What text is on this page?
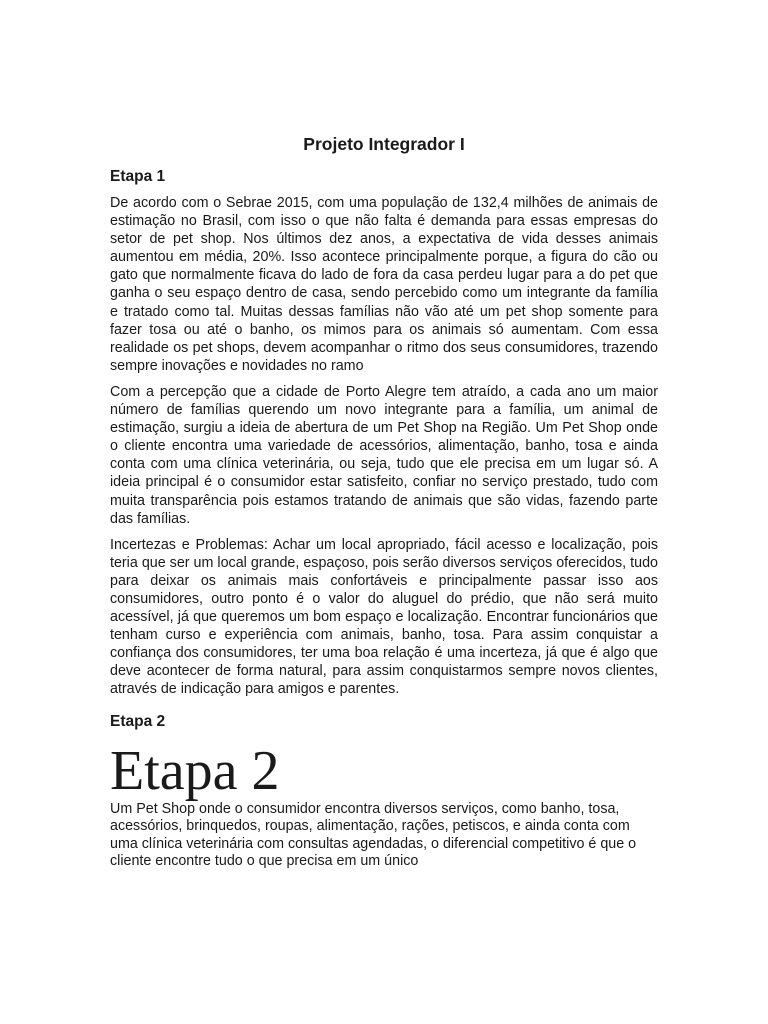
Projeto Integrador I
Etapa 1

De acordo com o Sebrae 2015, com uma população de 132,4 milhões de animais de estimação no Brasil, com isso o que não falta é demanda para essas empresas do setor de pet shop. Nos últimos dez anos, a expectativa de vida desses animais aumentou em média, 20%. Isso acontece principalmente porque, a figura do cão ou gato que normalmente ficava do lado de fora da casa perdeu lugar para a do pet que ganha o seu espaço dentro de casa, sendo percebido como um integrante da família e tratado como tal. Muitas dessas famílias não vão até um pet shop somente para fazer tosa ou até o banho, os mimos para os animais só aumentam. Com essa realidade os pet shops, devem acompanhar o ritmo dos seus consumidores, trazendo sempre inovações e novidades no ramo

Com a percepção que a cidade de Porto Alegre tem atraído, a cada ano um maior número de famílias querendo um novo integrante para a família, um animal de estimação, surgiu a ideia de abertura de um Pet Shop na Região. Um Pet Shop onde o cliente encontra uma variedade de acessórios, alimentação, banho, tosa e ainda conta com uma clínica veterinária, ou seja, tudo que ele precisa em um lugar só. A ideia principal é o consumidor estar satisfeito, confiar no serviço prestado, tudo com muita transparência pois estamos tratando de animais que são vidas, fazendo parte das famílias.

Incertezas e Problemas: Achar um local apropriado, fácil acesso e localização, pois teria que ser um local grande, espaçoso, pois serão diversos serviços oferecidos, tudo para deixar os animais mais confortáveis e principalmente passar isso aos consumidores, outro ponto é o valor do aluguel do prédio, que não será muito acessível, já que queremos um bom espaço e localização. Encontrar funcionários que tenham curso e experiência com animais, banho, tosa. Para assim conquistar a confiança dos consumidores, ter uma boa relação é uma incerteza, já que é algo que deve acontecer de forma natural, para assim conquistarmos sempre novos clientes, através de indicação para amigos e parentes.

Etapa 2
Etapa 2

Um Pet Shop onde o consumidor encontra diversos serviços, como banho, tosa, acessórios, brinquedos, roupas, alimentação, rações, petiscos, e ainda conta com uma clínica veterinária com consultas agendadas, o diferencial competitivo é que o cliente encontre tudo o que precisa em um único
